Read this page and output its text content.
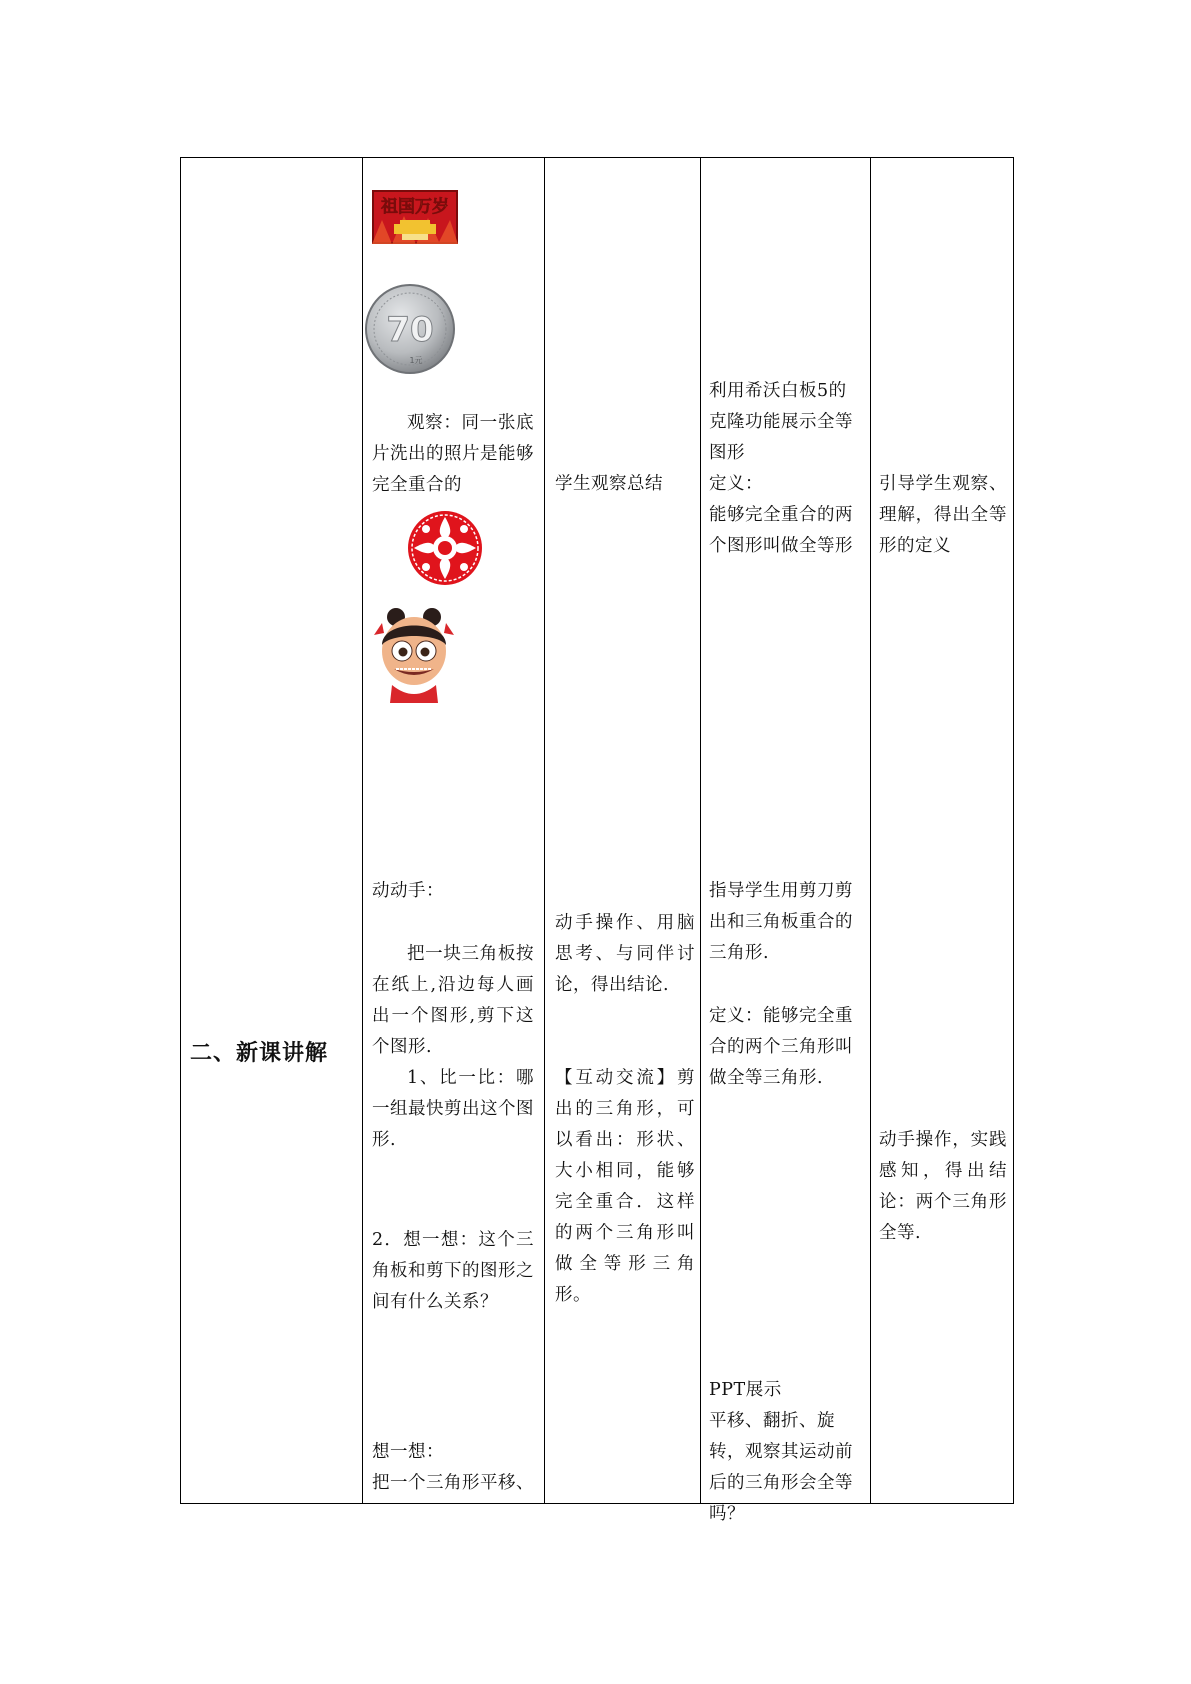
二、新课讲解
祖国万岁
70
1元
观察：同一张底片洗出的照片是能够完全重合的
动动手：
把一块三角板按在纸上,沿边每人画出一个图形,剪下这个图形.
1、比一比：哪一组最快剪出这个图形.
2．想一想：这个三角板和剪下的图形之间有什么关系？
想一想：
把一个三角形平移、
学生观察总结
动手操作、用脑思考、与同伴讨论，得出结论.
【互动交流】剪出的三角形，可以看出：形状、大小相同，能够完全重合．这样的两个三角形叫做全等形三角形。
利用希沃白板5的克隆功能展示全等图形
定义：
能够完全重合的两个图形叫做全等形
指导学生用剪刀剪出和三角板重合的三角形.
定义：能够完全重合的两个三角形叫做全等三角形.
PPT展示
平移、翻折、旋转，观察其运动前后的三角形会全等吗？
引导学生观察、理解，得出全等形的定义
动手操作，实践感知，得出结论：两个三角形全等.
